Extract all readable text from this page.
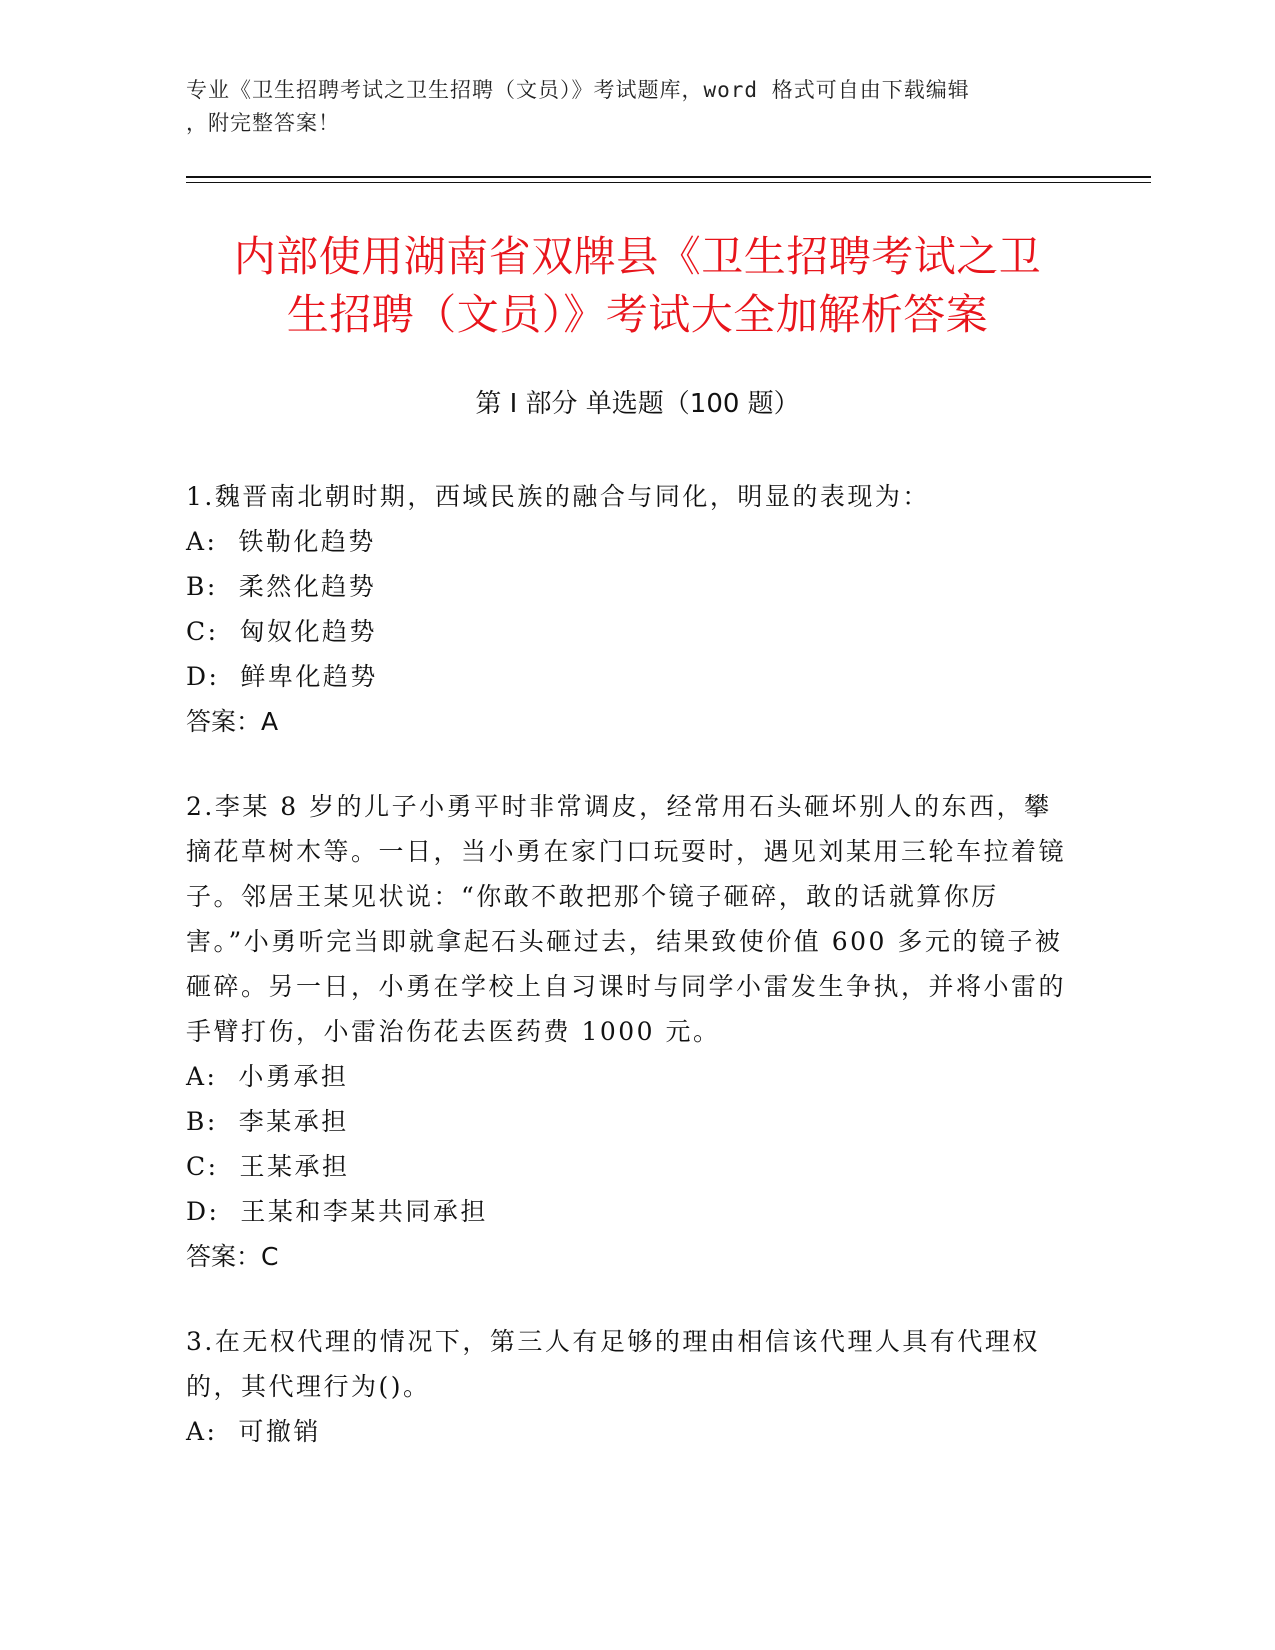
专业《卫生招聘考试之卫生招聘（文员）》考试题库，word 格式可自由下载编辑
，附完整答案！
内部使用湖南省双牌县《卫生招聘考试之卫
生招聘（文员）》考试大全加解析答案
第 I 部分 单选题（100 题）

1.魏晋南北朝时期，西域民族的融合与同化，明显的表现为：

A:  铁勒化趋势

B:  柔然化趋势

C:  匈奴化趋势

D:  鲜卑化趋势

答案：A

2.李某 8 岁的儿子小勇平时非常调皮，经常用石头砸坏别人的东西，攀摘花草树木等。一日，当小勇在家门口玩耍时，遇见刘某用三轮车拉着镜子。邻居王某见状说：“你敢不敢把那个镜子砸碎，敢的话就算你厉害。”小勇听完当即就拿起石头砸过去，结果致使价值 600 多元的镜子被砸碎。另一日，小勇在学校上自习课时与同学小雷发生争执，并将小雷的手臂打伤，小雷治伤花去医药费 1000 元。

A:  小勇承担

B:  李某承担

C:  王某承担

D:  王某和李某共同承担

答案：C

3.在无权代理的情况下，第三人有足够的理由相信该代理人具有代理权的，其代理行为()。

A:  可撤销
